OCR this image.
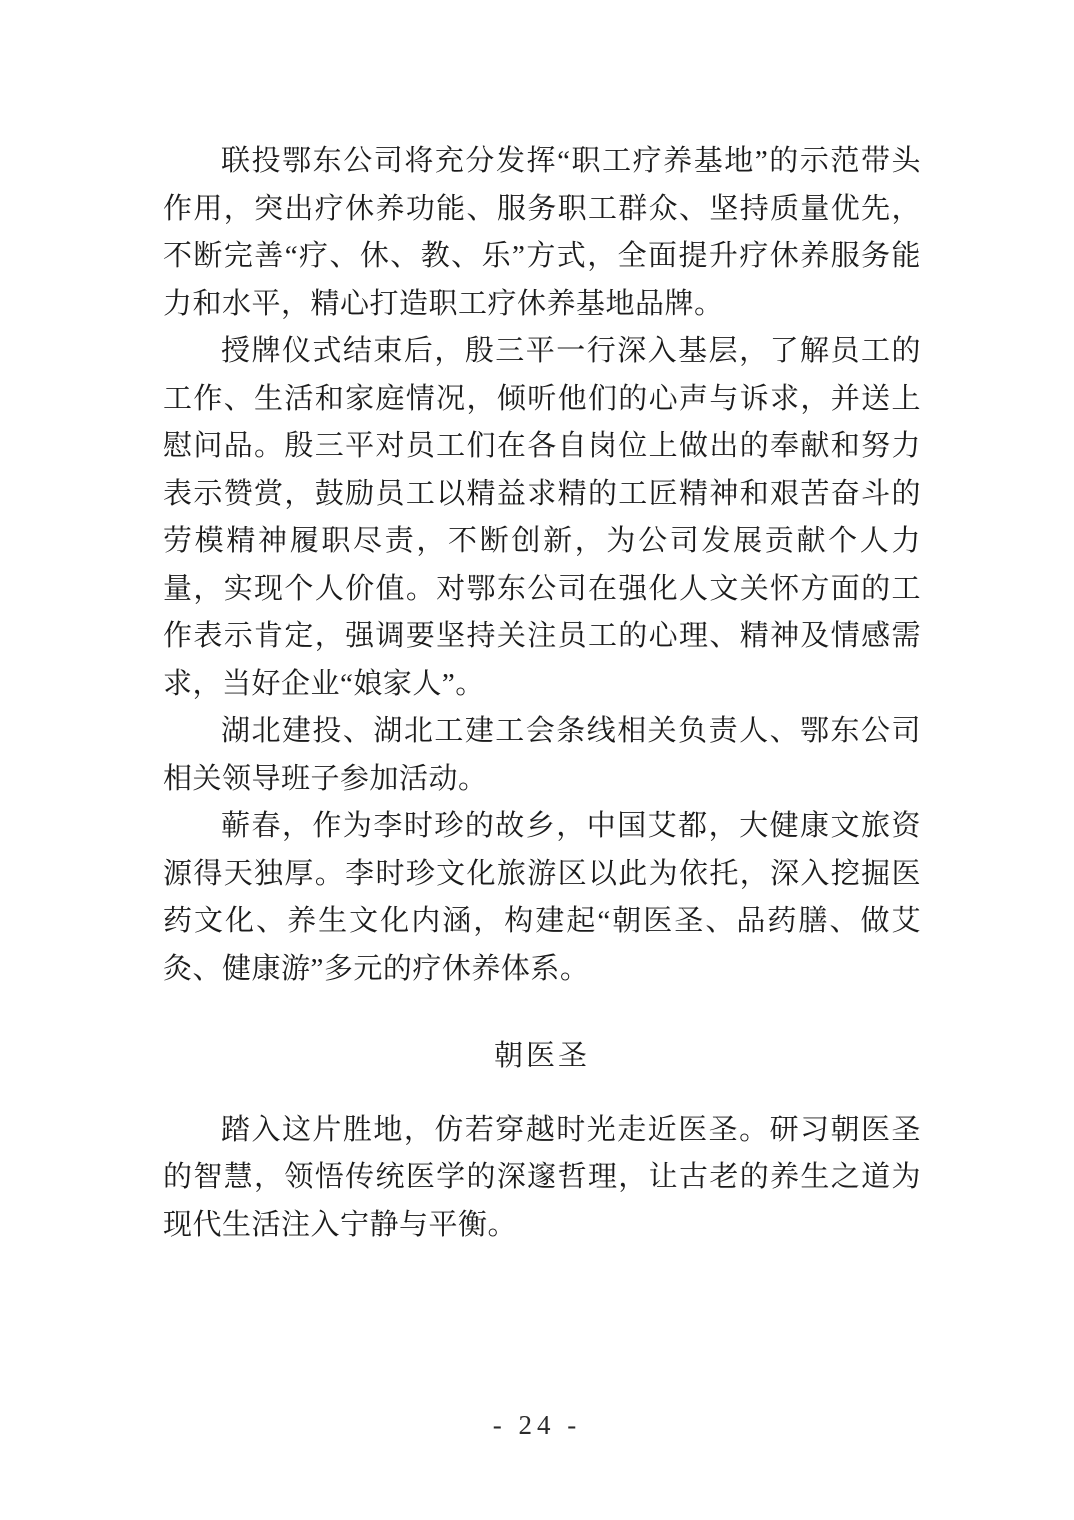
联投鄂东公司将充分发挥“职工疗养基地”的示范带头作用，突出疗休养功能、服务职工群众、坚持质量优先，不断完善“疗、休、教、乐”方式，全面提升疗休养服务能力和水平，精心打造职工疗休养基地品牌。

授牌仪式结束后，殷三平一行深入基层，了解员工的工作、生活和家庭情况，倾听他们的心声与诉求，并送上慰问品。殷三平对员工们在各自岗位上做出的奉献和努力表示赞赏，鼓励员工以精益求精的工匠精神和艰苦奋斗的劳模精神履职尽责，不断创新，为公司发展贡献个人力量，实现个人价值。对鄂东公司在强化人文关怀方面的工作表示肯定，强调要坚持关注员工的心理、精神及情感需求，当好企业“娘家人”。

湖北建投、湖北工建工会条线相关负责人、鄂东公司相关领导班子参加活动。

蕲春，作为李时珍的故乡，中国艾都，大健康文旅资源得天独厚。李时珍文化旅游区以此为依托，深入挖掘医药文化、养生文化内涵，构建起“朝医圣、品药膳、做艾灸、健康游”多元的疗休养体系。

朝医圣

踏入这片胜地，仿若穿越时光走近医圣。研习朝医圣的智慧，领悟传统医学的深邃哲理，让古老的养生之道为现代生活注入宁静与平衡。

- 24 -
